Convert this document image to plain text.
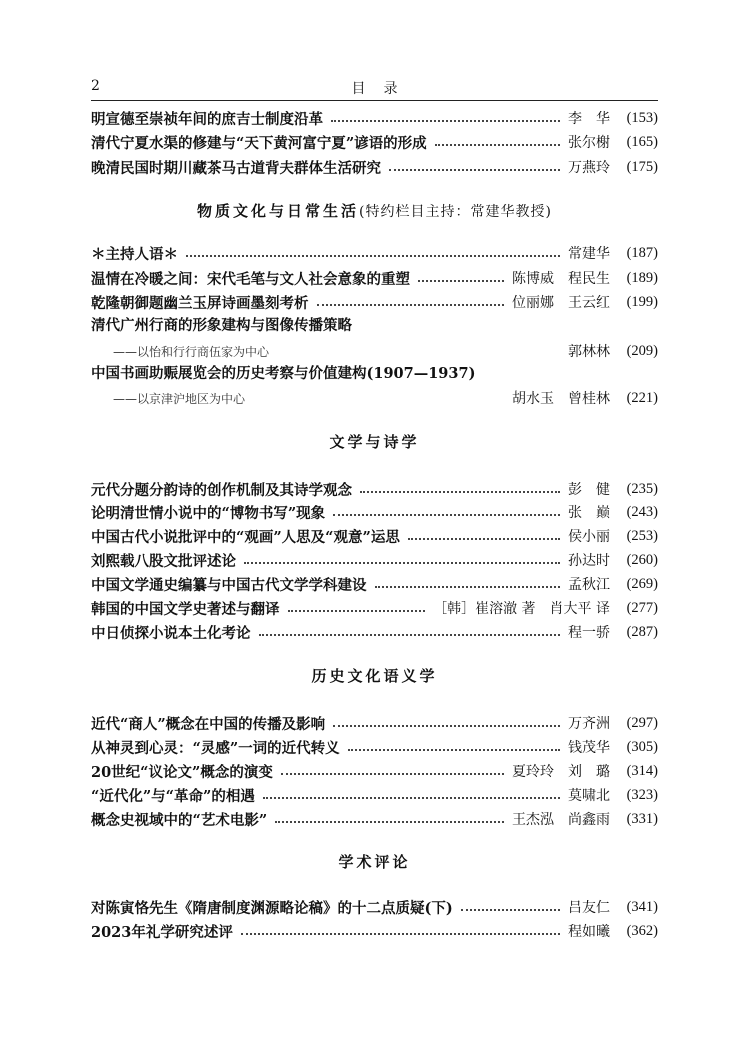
2	目录
明宣德至崇祯年间的庶吉士制度沿革	李　华	(153)
清代宁夏水渠的修建与“天下黄河富宁夏”谚语的形成	张尔榭	(165)
晚清民国时期川藏茶马古道背夫群体生活研究	万燕玲	(175)
物质文化与日常生活(特约栏目主持：常建华教授)
＊主持人语＊	常建华	(187)
温情在冷暖之间：宋代毛笔与文人社会意象的重塑	陈博威　程民生	(189)
乾隆朝御题幽兰玉屏诗画墨刻考析	位丽娜　王云红	(199)
清代广州行商的形象建构与图像传播策略
——以怡和行行商伍家为中心	郭林林	(209)
中国书画助赈展览会的历史考察与价值建构(1907—1937)
——以京津沪地区为中心	胡水玉　曾桂林	(221)
文学与诗学
元代分题分韵诗的创作机制及其诗学观念	彭　健	(235)
论明清世情小说中的“博物书写”现象	张　巅	(243)
中国古代小说批评中的“观画”人思及“观意”运思	侯小丽	(253)
刘熙载八股文批评述论	孙达时	(260)
中国文学通史编纂与中国古代文学学科建设	孟秋江	(269)
韩国的中国文学史著述与翻译	［韩］崔溶澈 著　肖大平 译	(277)
中日侦探小说本土化考论	程一骄	(287)
历史文化语义学
近代“商人”概念在中国的传播及影响	万齐洲	(297)
从神灵到心灵：“灵感”一词的近代转义	钱茂华	(305)
20世纪“议论文”概念的演变	夏玲玲　刘　璐	(314)
“近代化”与“革命”的相遇	莫啸北	(323)
概念史视域中的“艺术电影”	王杰泓　尚鑫雨	(331)
学术评论
对陈寅恪先生《隋唐制度渊源略论稿》的十二点质疑(下)	吕友仁	(341)
2023年礼学研究述评	程如曦	(362)
